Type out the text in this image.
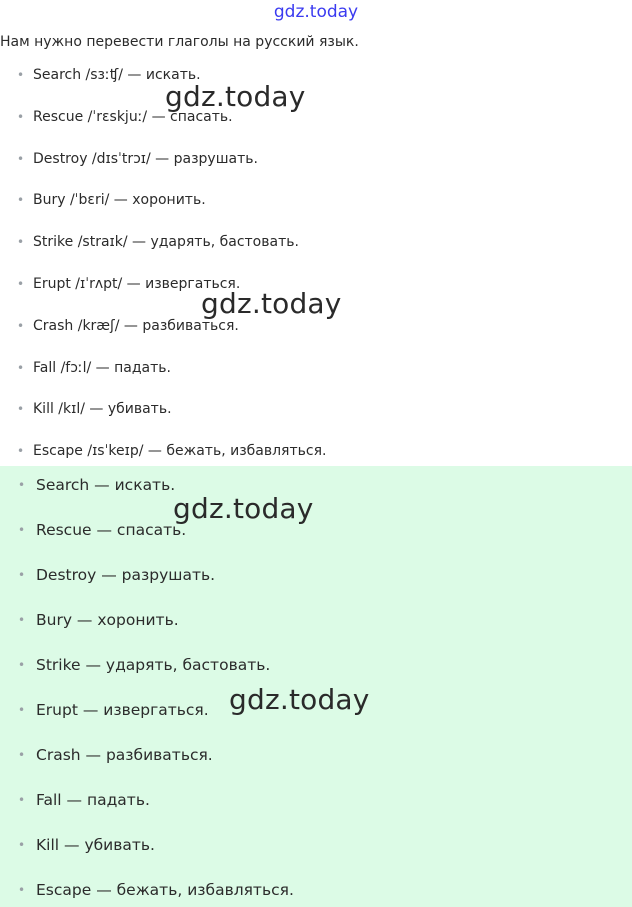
gdz.today
Нам нужно перевести глаголы на русский язык.
• Search /sɜːʧ/ — искать.
• Rescue /ˈrɛskjuː/ — спасать.
• Destroy /dɪsˈtrɔɪ/ — разрушать.
• Bury /ˈbɛri/ — хоронить.
• Strike /straɪk/ — ударять, бастовать.
• Erupt /ɪˈrʌpt/ — извергаться.
• Crash /kræʃ/ — разбиваться.
• Fall /fɔːl/ — падать.
• Kill /kɪl/ — убивать.
• Escape /ɪsˈkeɪp/ — бежать, избавляться.
• Search — искать.
• Rescue — спасать.
• Destroy — разрушать.
• Bury — хоронить.
• Strike — ударять, бастовать.
• Erupt — извергаться.
• Crash — разбиваться.
• Fall — падать.
• Kill — убивать.
• Escape — бежать, избавляться.
gdz.today
gdz.today
gdz.today
gdz.today
